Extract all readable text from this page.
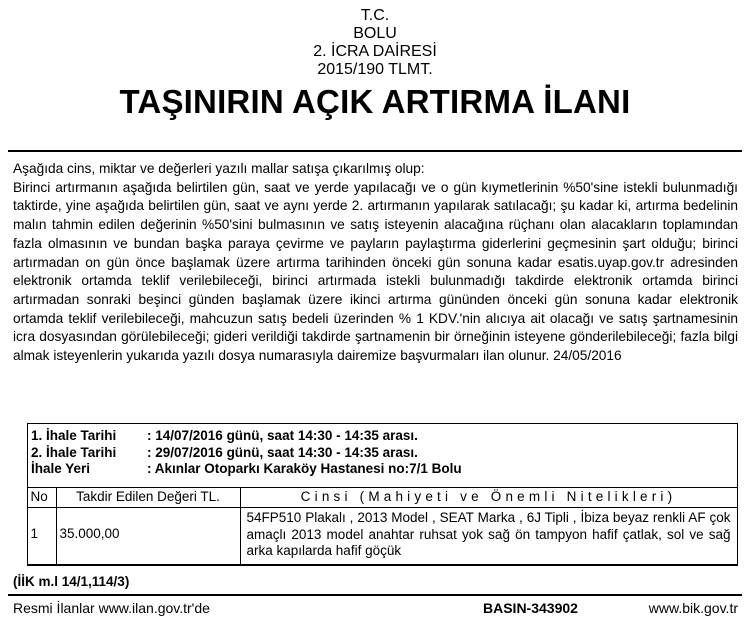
T.C.
BOLU
2. İCRA DAİRESİ
2015/190 TLMT.
TAŞINIRIN AÇIK ARTIRMA İLANI

Aşağıda cins, miktar ve değerleri yazılı mallar satışa çıkarılmış olup:

Birinci artırmanın aşağıda belirtilen gün, saat ve yerde yapılacağı ve o gün kıymetlerinin %50'sine istekli bulunmadığı taktirde, yine aşağıda belirtilen gün, saat ve aynı yerde 2. artırmanın yapılarak satılacağı; şu kadar ki, artırma bedelinin malın tahmin edilen değerinin %50'sini bulmasının ve satış isteyenin alacağına rüçhanı olan alacakların toplamından fazla olmasının ve bundan başka paraya çevirme ve payların paylaştırma giderlerini geçmesinin şart olduğu; birinci artırmadan on gün önce başlamak üzere artırma tarihinden önceki gün sonuna kadar esatis.uyap.gov.tr adresinden elektronik ortamda teklif verilebileceği, birinci artırmada istekli bulunmadığı takdirde elektronik ortamda birinci artırmadan sonraki beşinci günden başlamak üzere ikinci artırma gününden önceki gün sonuna kadar elektronik ortamda teklif verilebileceği, mahcuzun satış bedeli üzerinden % 1 KDV.'nin alıcıya ait olacağı ve satış şartnamesinin icra dosyasından görülebileceği; gideri verildiği takdirde şartnamenin bir örneğinin isteyene gönderilebileceği; fazla bilgi almak isteyenlerin yukarıda yazılı dosya numarasıyla dairemize başvurmaları ilan olunur. 24/05/2016

1. İhale Tarihi	: 14/07/2016 günü, saat 14:30 - 14:35 arası.
2. İhale Tarihi	: 29/07/2016 günü, saat 14:30 - 14:35 arası.
İhale Yeri	: Akınlar Otoparkı Karaköy Hastanesi no:7/1 Bolu
No	Takdir Edilen Değeri TL.	Cinsi (Mahiyeti ve Önemli Nitelikleri)
1	35.000,00	54FP510 Plakalı , 2013 Model , SEAT Marka , 6J Tipli , İbiza beyaz renkli AF çok amaçlı 2013 model anahtar ruhsat yok sağ ön tampyon hafif çatlak, sol ve sağ arka kapılarda hafif göçük
(İİK m.l 14/1,114/3)
Resmi İlanlar www.ilan.gov.tr'de	BASIN-343902	www.bik.gov.tr
